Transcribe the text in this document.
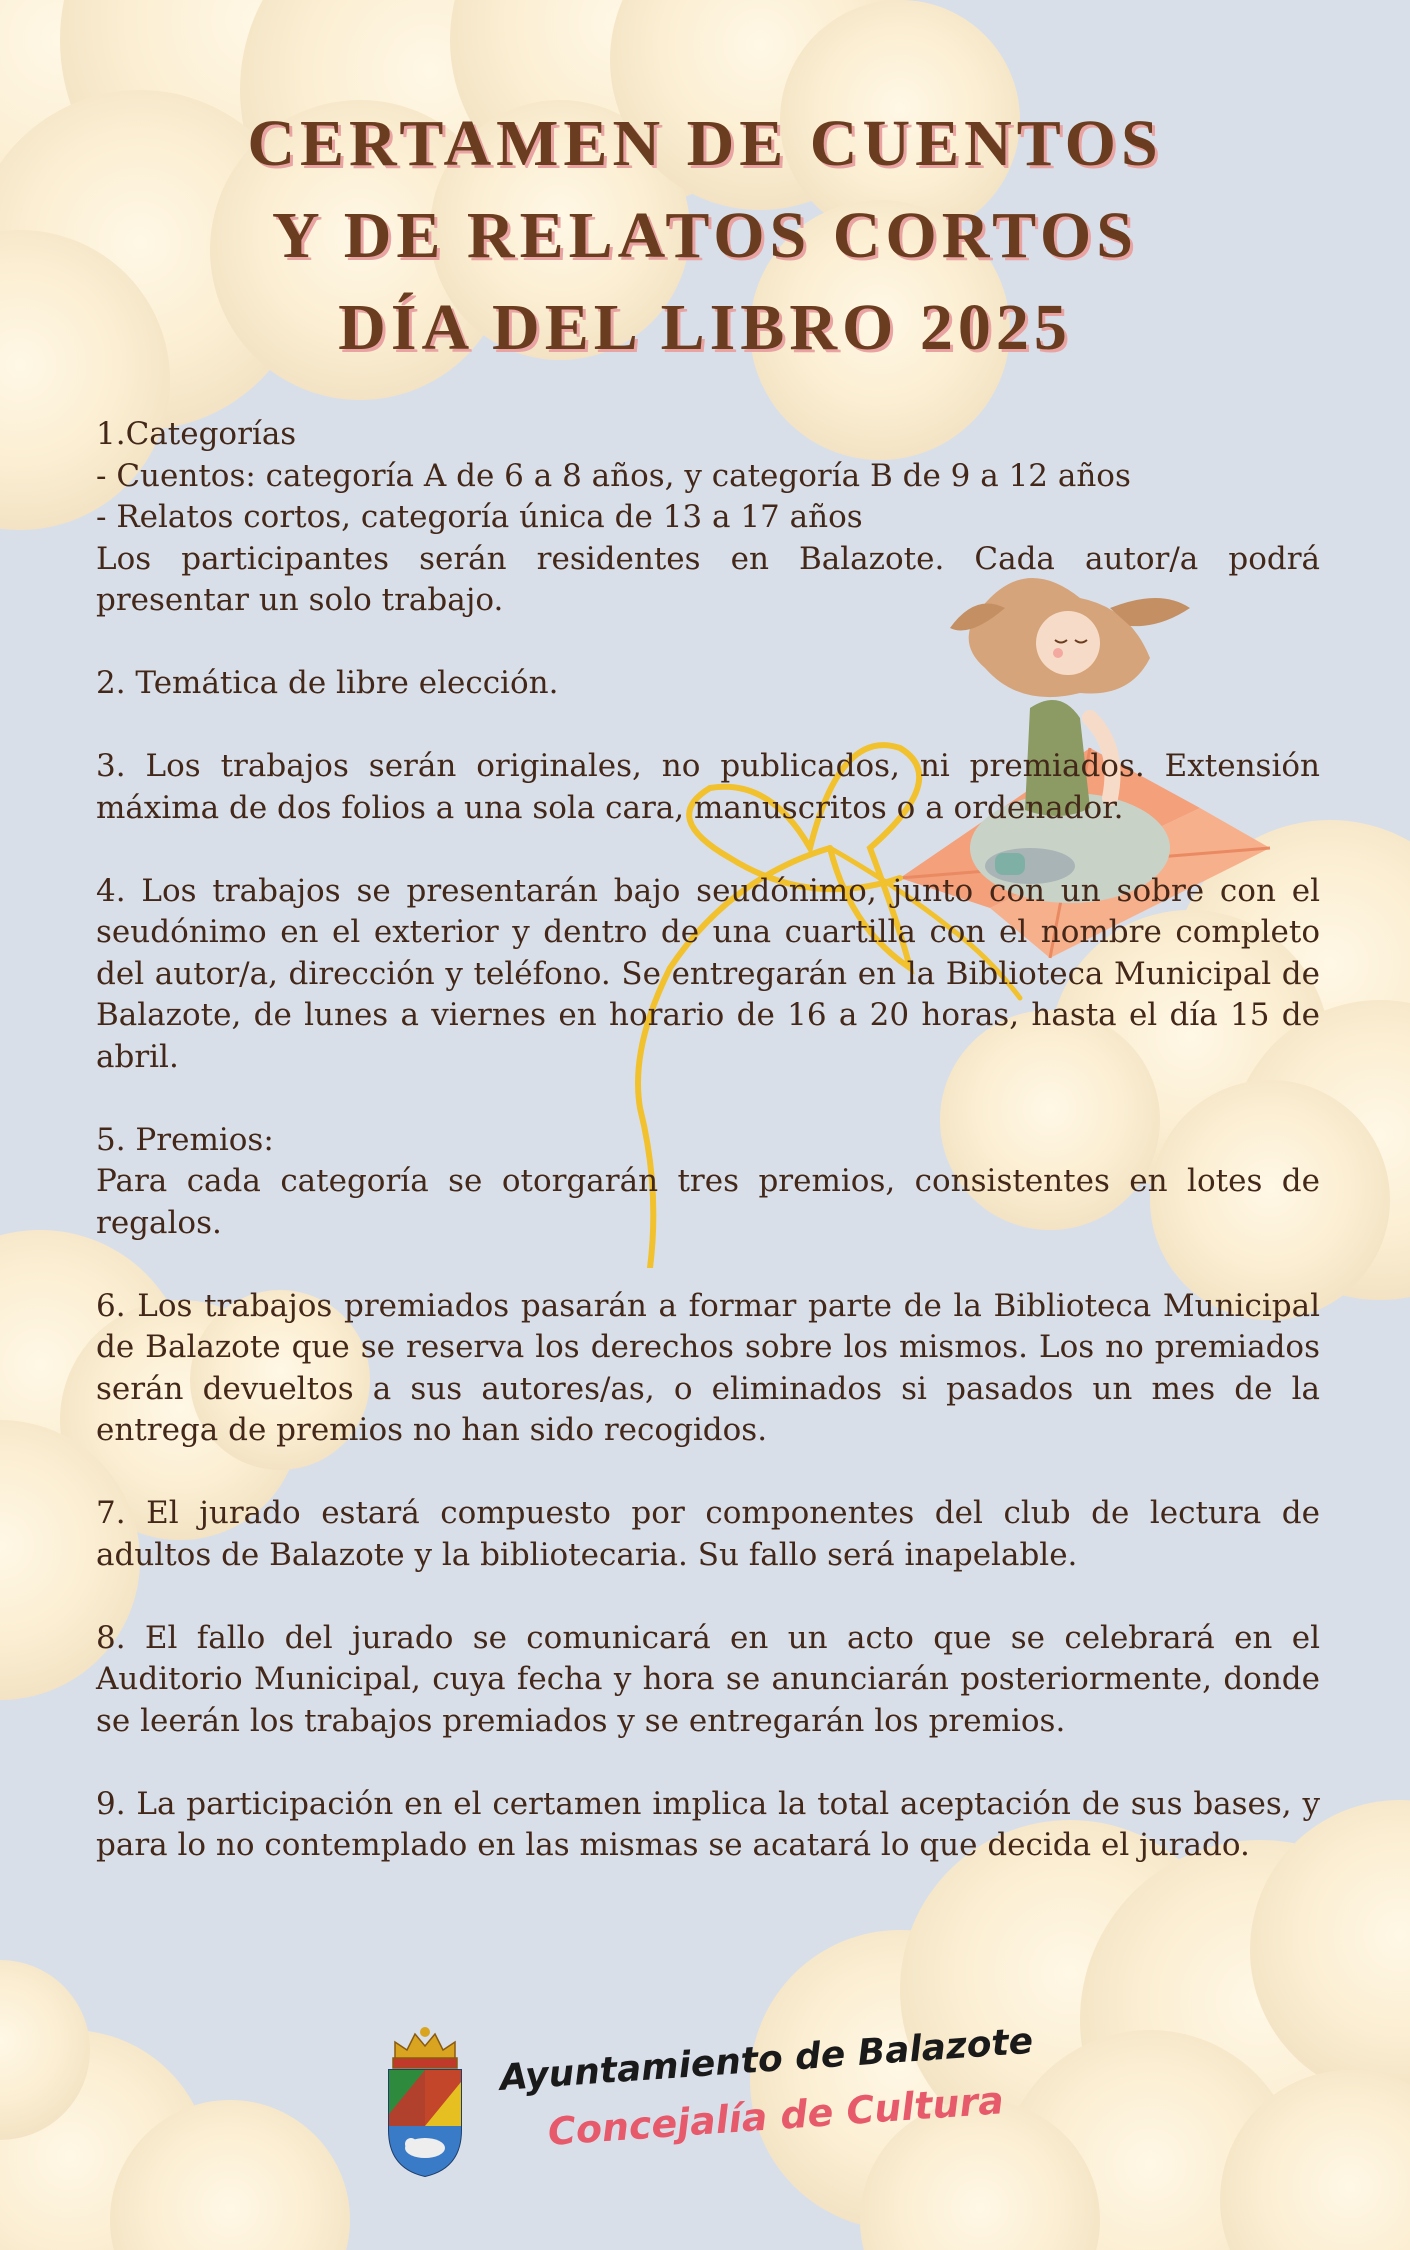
CERTAMEN DE CUENTOS
Y DE RELATOS CORTOS
DÍA DEL LIBRO 2025
1.Categorías
- Cuentos: categoría A de 6 a 8 años, y categoría B de 9 a 12 años
- Relatos cortos, categoría única de 13 a 17 años

Los participantes serán residentes en Balazote. Cada autor/a podrá presentar un solo trabajo.

2. Temática de libre elección.

3. Los trabajos serán originales, no publicados, ni premiados. Extensión máxima de dos folios a una sola cara, manuscritos o a ordenador.

4. Los trabajos se presentarán bajo seudónimo, junto con un sobre con el seudónimo en el exterior y dentro de una cuartilla con el nombre completo del autor/a, dirección y teléfono. Se entregarán en la Biblioteca Municipal de Balazote, de lunes a viernes en horario de 16 a 20 horas, hasta el día 15 de abril.

5. Premios:

Para cada categoría se otorgarán tres premios, consistentes en lotes de regalos.

6. Los trabajos premiados pasarán a formar parte de la Biblioteca Municipal de Balazote que se reserva los derechos sobre los mismos. Los no premiados serán devueltos a sus autores/as, o eliminados si pasados un mes de la entrega de premios no han sido recogidos.

7. El jurado estará compuesto por componentes del club de lectura de adultos de Balazote y la bibliotecaria. Su fallo será inapelable.

8. El fallo del jurado se comunicará en un acto que se celebrará en el Auditorio Municipal, cuya fecha y hora se anunciarán posteriormente, donde se leerán los trabajos premiados y se entregarán los premios.

9. La participación en el certamen implica la total aceptación de sus bases, y para lo no contemplado en las mismas se acatará lo que decida el jurado.

Ayuntamiento de Balazote

Concejalía de Cultura
